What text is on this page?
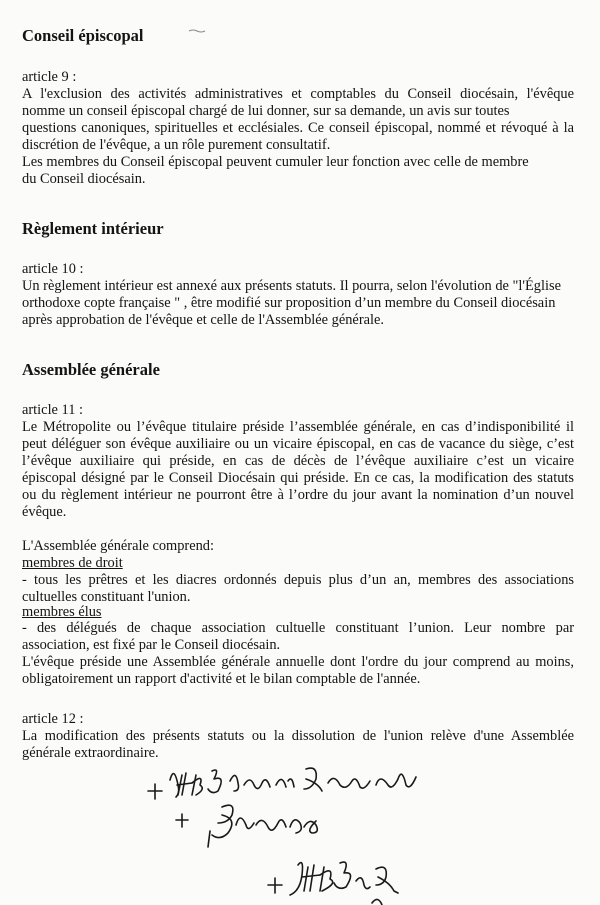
Conseil épiscopal
article 9 :
A l'exclusion des activités administratives et comptables du Conseil diocésain, l'évêque
nomme un conseil épiscopal chargé de lui donner, sur sa demande, un avis sur toutes
questions canoniques, spirituelles et ecclésiales. Ce conseil épiscopal, nommé et révoqué à la
discrétion de l'évêque, a un rôle purement consultatif.
Les membres du Conseil épiscopal peuvent cumuler leur fonction avec celle de membre
du Conseil diocésain.
Règlement intérieur
article 10 :
Un règlement intérieur est annexé aux présents statuts. Il pourra, selon l'évolution de "l'Église
orthodoxe copte française " , être modifié sur proposition d’un membre du Conseil diocésain
après approbation de l'évêque et celle de l'Assemblée générale.
Assemblée générale
article 11 :
Le Métropolite ou l’évêque titulaire préside l’assemblée générale, en cas d’indisponibilité il
peut déléguer son évêque auxiliaire ou un vicaire épiscopal, en cas de vacance du siège, c’est
l’évêque auxiliaire qui préside, en cas de décès de l’évêque auxiliaire c’est un vicaire
épiscopal désigné par le Conseil Diocésain qui préside. En ce cas, la modification des statuts
ou du règlement intérieur ne pourront être à l’ordre du jour avant la nomination d’un nouvel
évêque.
L'Assemblée générale comprend:
membres de droit
- tous les prêtres et les diacres ordonnés depuis plus d’un an, membres des associations
cultuelles constituant l'union.
membres élus
- des délégués de chaque association cultuelle constituant l’union. Leur nombre par
association, est fixé par le Conseil diocésain.
L'évêque préside une Assemblée générale annuelle dont l'ordre du jour comprend au moins,
obligatoirement un rapport d'activité et le bilan comptable de l'année.
article 12 :
La modification des présents statuts ou la dissolution de l'union relève d'une Assemblée
générale extraordinaire.
